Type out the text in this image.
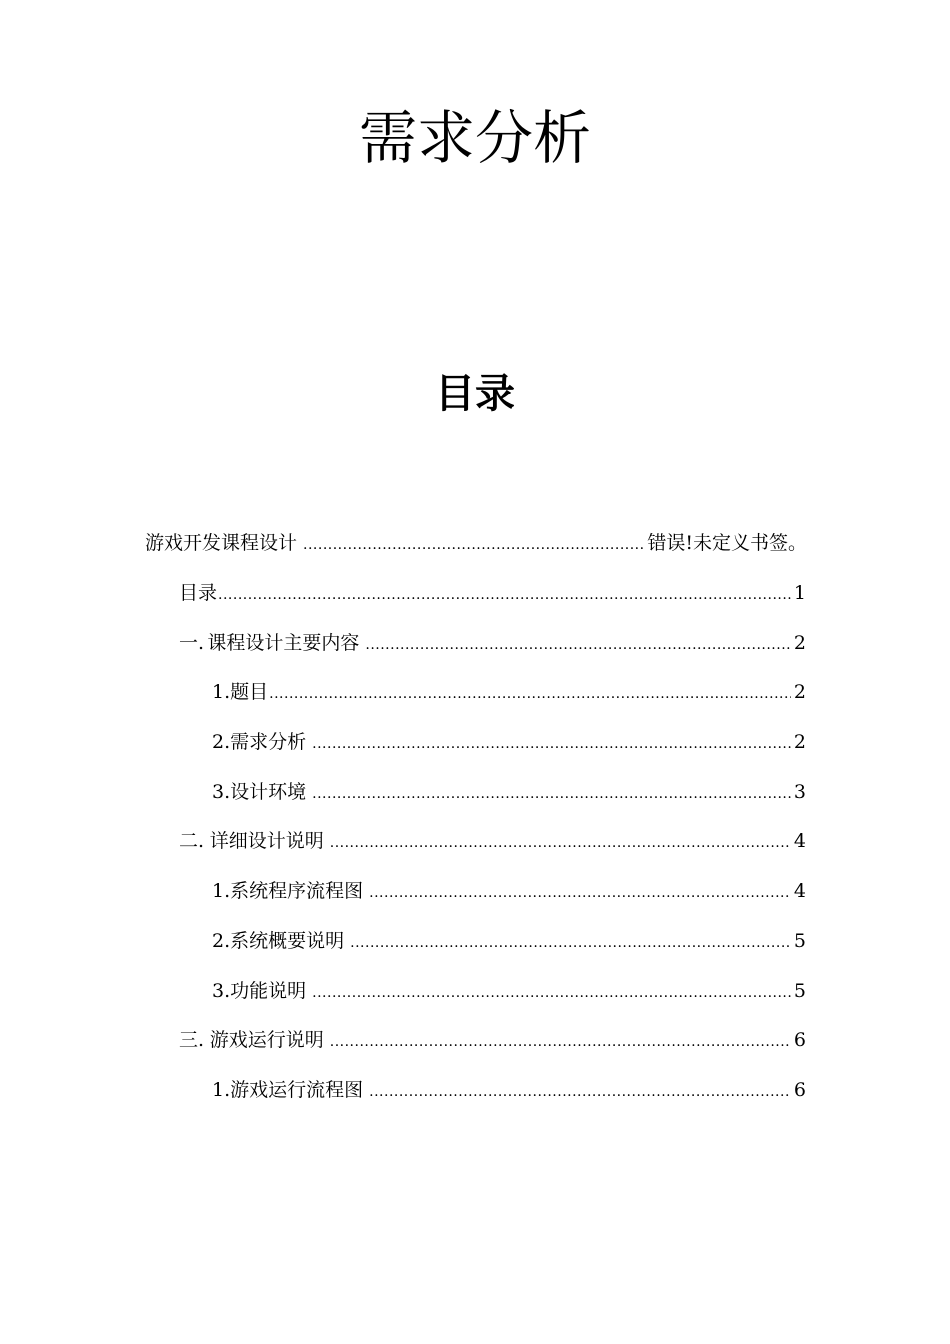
需求分析
目录
游戏开发课程设计 .....	错误!未定义书签。
目录 .....	1
一. 课程设计主要内容 .....	2
1. 题目 .....	2
2. 需求分析 .....	2
3. 设计环境 .....	3
二. 详细设计说明 .....	4
1. 系统程序流程图 .....	4
2. 系统概要说明 .....	5
3. 功能说明 .....	5
三. 游戏运行说明 .....	6
1.游戏运行流程图 .....	6
